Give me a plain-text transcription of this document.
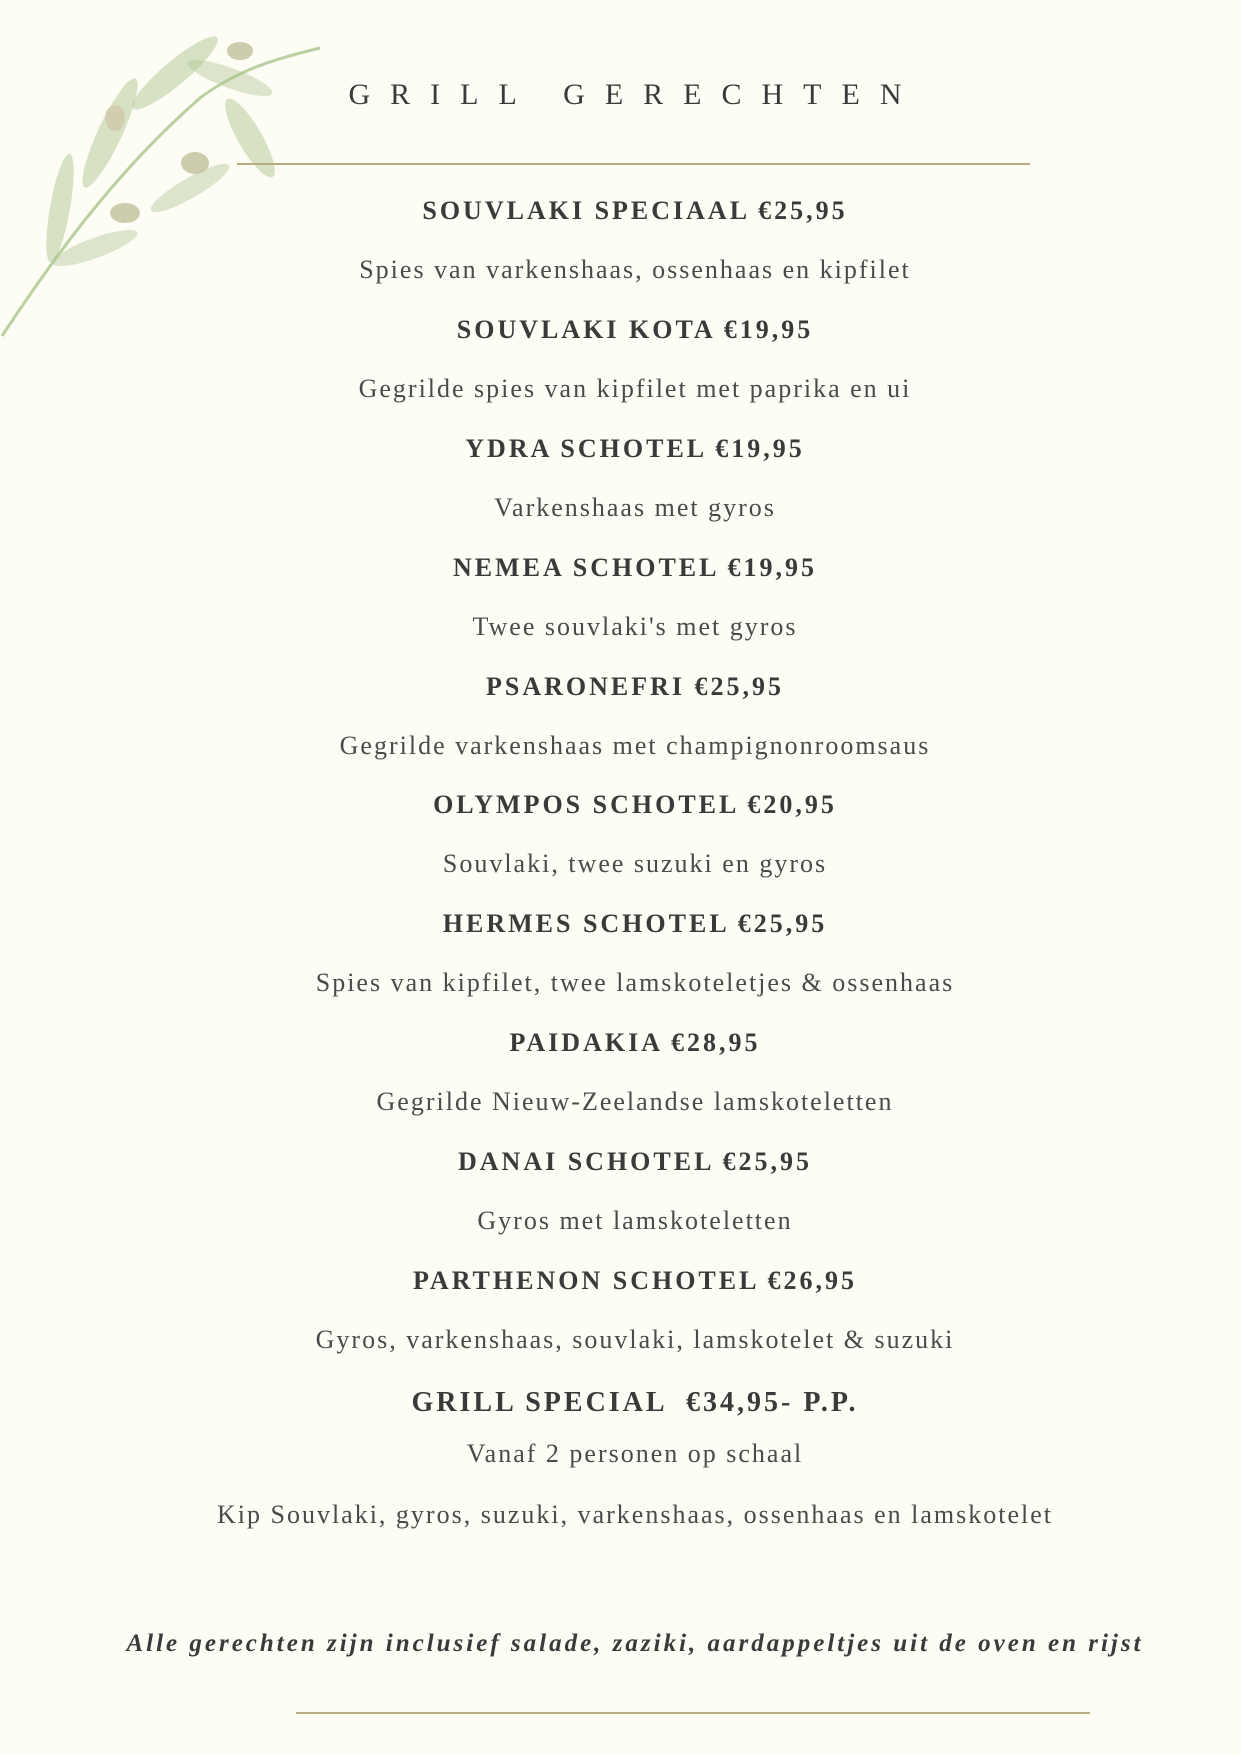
GRILL GERECHTEN
SOUVLAKI SPECIAAL €25,95
Spies van varkenshaas, ossenhaas en kipfilet
SOUVLAKI KOTA €19,95
Gegrilde spies van kipfilet met paprika en ui
YDRA SCHOTEL €19,95
Varkenshaas met gyros
NEMEA SCHOTEL €19,95
Twee souvlaki's met gyros
PSARONEFRI €25,95
Gegrilde varkenshaas met champignonroomsaus
OLYMPOS SCHOTEL €20,95
Souvlaki, twee suzuki en gyros
HERMES SCHOTEL €25,95
Spies van kipfilet, twee lamskoteletjes & ossenhaas
PAIDAKIA €28,95
Gegrilde Nieuw-Zeelandse lamskoteletten
DANAI SCHOTEL €25,95
Gyros met lamskoteletten
PARTHENON SCHOTEL €26,95
Gyros, varkenshaas, souvlaki, lamskotelet & suzuki
GRILL SPECIAL  €34,95- P.P.
Vanaf 2 personen op schaal
Kip Souvlaki, gyros, suzuki, varkenshaas, ossenhaas en lamskotelet
Alle gerechten zijn inclusief salade, zaziki, aardappeltjes uit de oven en rijst
